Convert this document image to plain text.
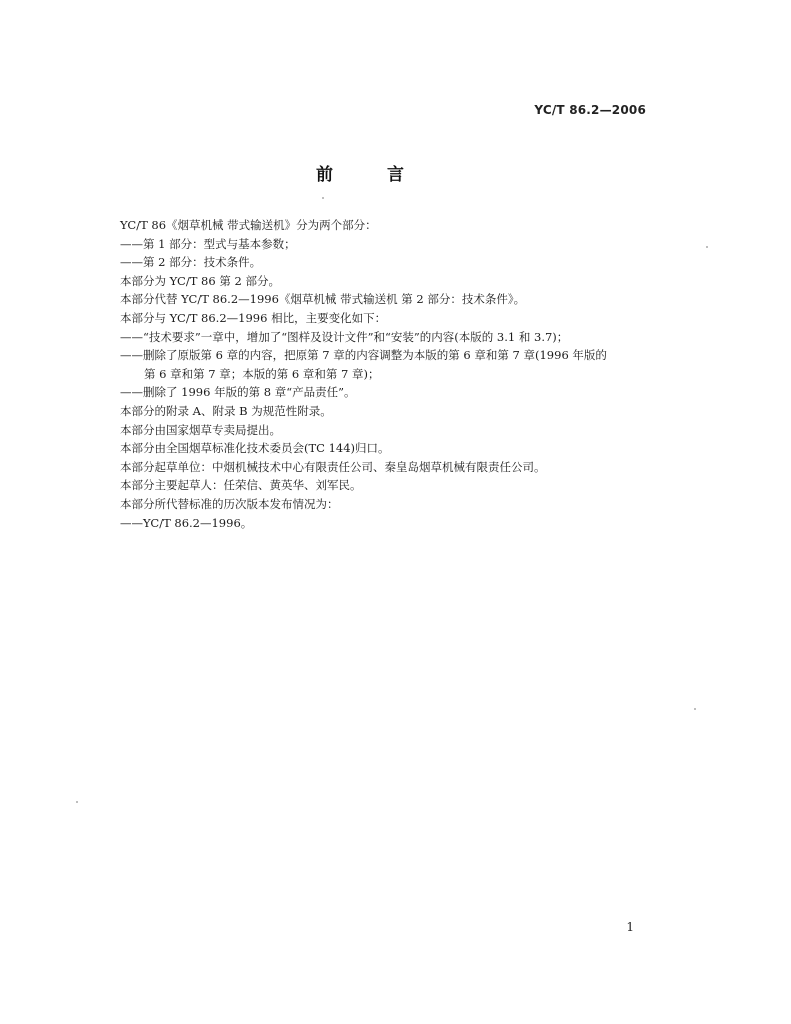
YC/T 86.2—2006
前 言
YC/T 86《烟草机械 带式输送机》分为两个部分：
——第 1 部分：型式与基本参数；
——第 2 部分：技术条件。
本部分为 YC/T 86 第 2 部分。
本部分代替 YC/T 86.2—1996《烟草机械 带式输送机 第 2 部分：技术条件》。
本部分与 YC/T 86.2—1996 相比，主要变化如下：
——“技术要求”一章中，增加了“图样及设计文件”和“安装”的内容(本版的 3.1 和 3.7)；
——删除了原版第 6 章的内容，把原第 7 章的内容调整为本版的第 6 章和第 7 章(1996 年版的
第 6 章和第 7 章；本版的第 6 章和第 7 章)；
——删除了 1996 年版的第 8 章“产品责任”。
本部分的附录 A、附录 B 为规范性附录。
本部分由国家烟草专卖局提出。
本部分由全国烟草标准化技术委员会(TC 144)归口。
本部分起草单位：中烟机械技术中心有限责任公司、秦皇岛烟草机械有限责任公司。
本部分主要起草人：任荣信、黄英华、刘军民。
本部分所代替标准的历次版本发布情况为：
——YC/T 86.2—1996。
1
